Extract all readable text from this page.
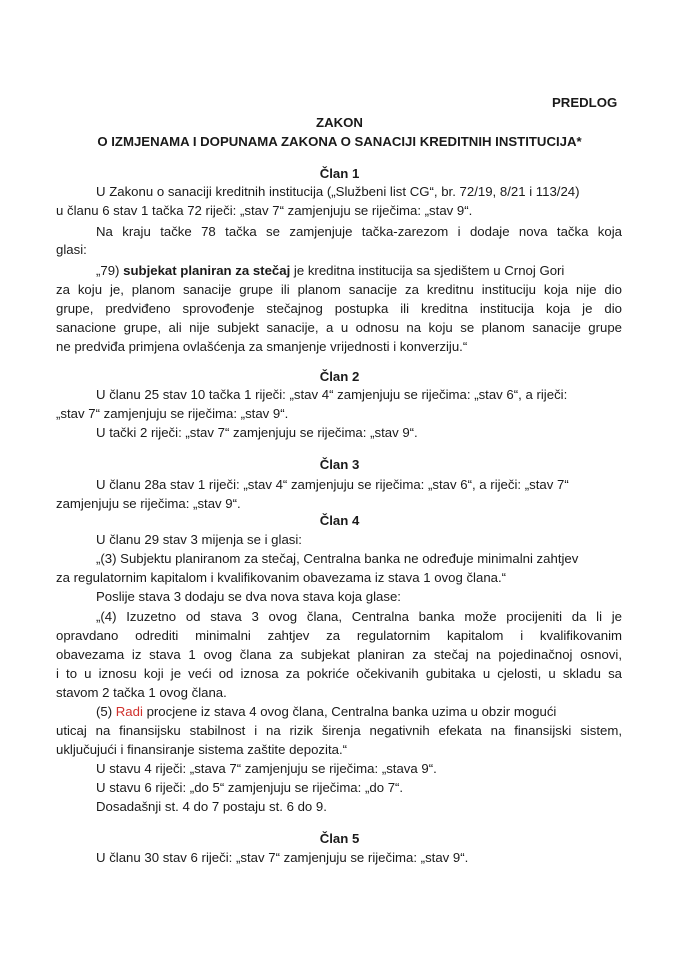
PREDLOG
ZAKON
O IZMJENAMA I DOPUNAMA ZAKONA O SANACIJI KREDITNIH INSTITUCIJA*
Član 1
U Zakonu o sanaciji kreditnih institucija („Službeni list CG“, br. 72/19, 8/21 i 113/24)
u članu 6 stav 1 tačka 72 riječi: „stav 7“ zamjenjuju se riječima: „stav 9“.
Na kraju tačke 78 tačka se zamjenjuje tačka-zarezom i dodaje nova tačka koja
glasi:
„79) subjekat planiran za stečaj je kreditna institucija sa sjedištem u Crnoj Gori
za koju je, planom sanacije grupe ili planom sanacije za kreditnu instituciju koja nije dio
grupe, predviđeno sprovođenje stečajnog postupka ili kreditna institucija koja je dio
sanacione grupe, ali nije subjekt sanacije, a u odnosu na koju se planom sanacije grupe
ne predviđa primjena ovlašćenja za smanjenje vrijednosti i konverziju.“
Član 2
U članu 25 stav 10 tačka 1 riječi: „stav 4“ zamjenjuju se riječima: „stav 6“, a riječi:
„stav 7“ zamjenjuju se riječima: „stav 9“.
U tački 2 riječi: „stav 7“ zamjenjuju se riječima: „stav 9“.
Član 3
U članu 28a stav 1 riječi: „stav 4“ zamjenjuju se riječima: „stav 6“, a riječi: „stav 7“
zamjenjuju se riječima: „stav 9“.
Član 4
U članu 29 stav 3 mijenja se i glasi:
„(3) Subjektu planiranom za stečaj, Centralna banka ne određuje minimalni zahtjev
za regulatornim kapitalom i kvalifikovanim obavezama iz stava 1 ovog člana.“
Poslije stava 3 dodaju se dva nova stava koja glase:
„(4) Izuzetno od stava 3 ovog člana, Centralna banka može procijeniti da li je
opravdano odrediti minimalni zahtjev za regulatornim kapitalom i kvalifikovanim
obavezama iz stava 1 ovog člana za subjekat planiran za stečaj na pojedinačnoj osnovi,
i to u iznosu koji je veći od iznosa za pokriće očekivanih gubitaka u cjelosti, u skladu sa
stavom 2 tačka 1 ovog člana.
(5) Radi procjene iz stava 4 ovog člana, Centralna banka uzima u obzir mogući
uticaj na finansijsku stabilnost i na rizik širenja negativnih efekata na finansijski sistem,
uključujući i finansiranje sistema zaštite depozita.“
U stavu 4 riječi: „stava 7“ zamjenjuju se riječima: „stava 9“.
U stavu 6 riječi: „do 5“ zamjenjuju se riječima: „do 7“.
Dosadašnji st. 4 do 7 postaju st. 6 do 9.
Član 5
U članu 30 stav 6 riječi: „stav 7“ zamjenjuju se riječima: „stav 9“.
